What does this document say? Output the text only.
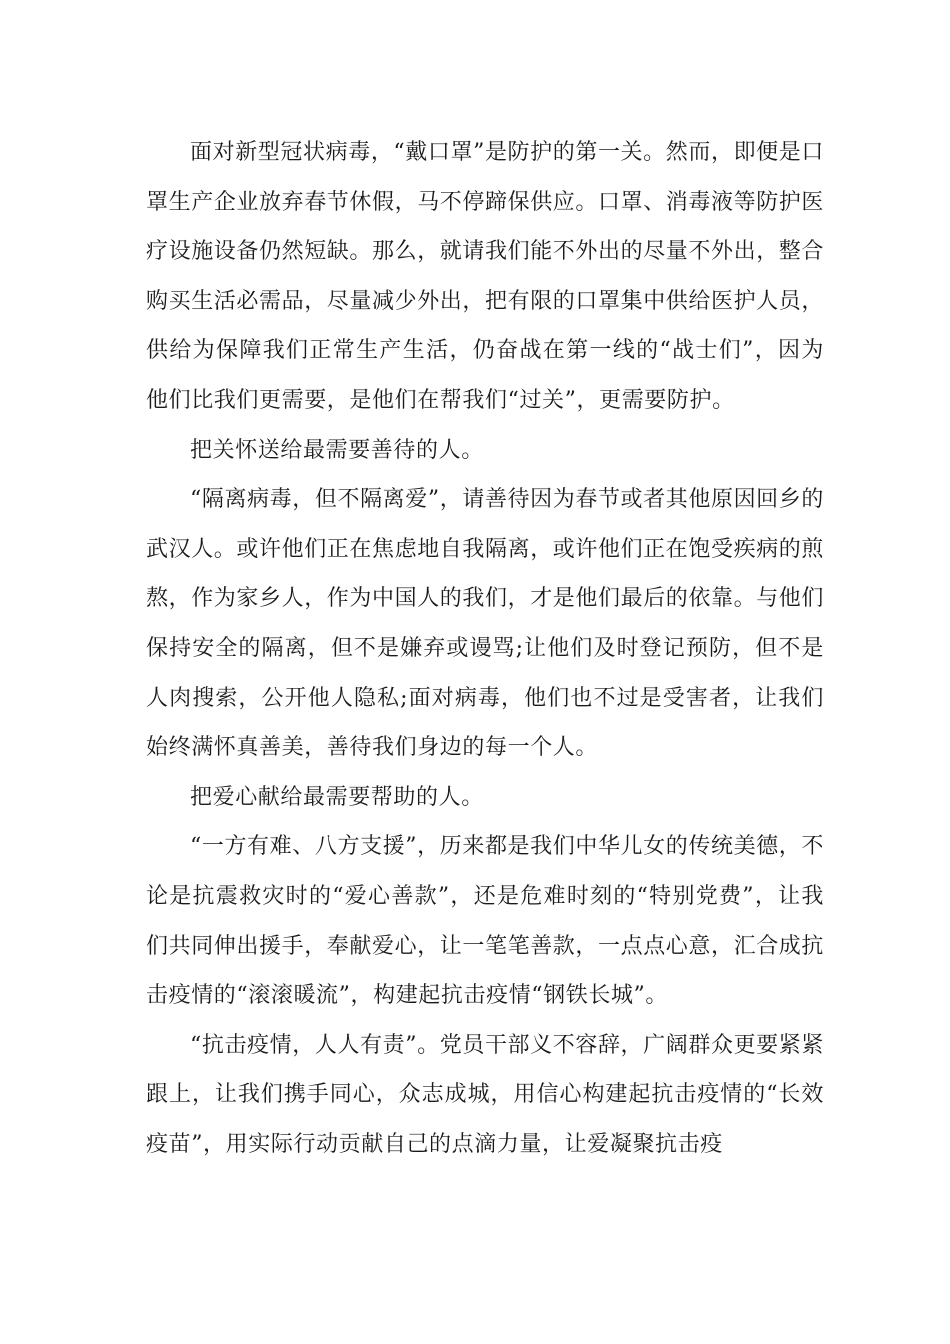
面对新型冠状病毒，“戴口罩”是防护的第一关。然而，即便是口罩生产企业放弃春节休假，马不停蹄保供应。口罩、消毒液等防护医疗设施设备仍然短缺。那么，就请我们能不外出的尽量不外出，整合购买生活必需品，尽量减少外出，把有限的口罩集中供给医护人员，供给为保障我们正常生产生活，仍奋战在第一线的“战士们”，因为他们比我们更需要，是他们在帮我们“过关”，更需要防护。

把关怀送给最需要善待的人。

“隔离病毒，但不隔离爱”，请善待因为春节或者其他原因回乡的武汉人。或许他们正在焦虑地自我隔离，或许他们正在饱受疾病的煎熬，作为家乡人，作为中国人的我们，才是他们最后的依靠。与他们保持安全的隔离，但不是嫌弃或谩骂;让他们及时登记预防，但不是人肉搜索，公开他人隐私;面对病毒，他们也不过是受害者，让我们始终满怀真善美，善待我们身边的每一个人。

把爱心献给最需要帮助的人。

“一方有难、八方支援”，历来都是我们中华儿女的传统美德，不论是抗震救灾时的“爱心善款”，还是危难时刻的“特别党费”，让我们共同伸出援手，奉献爱心，让一笔笔善款，一点点心意，汇合成抗击疫情的“滚滚暖流”，构建起抗击疫情“钢铁长城”。

“抗击疫情，人人有责”。党员干部义不容辞，广阔群众更要紧紧跟上，让我们携手同心，众志成城，用信心构建起抗击疫情的“长效疫苗”，用实际行动贡献自己的点滴力量，让爱凝聚抗击疫
